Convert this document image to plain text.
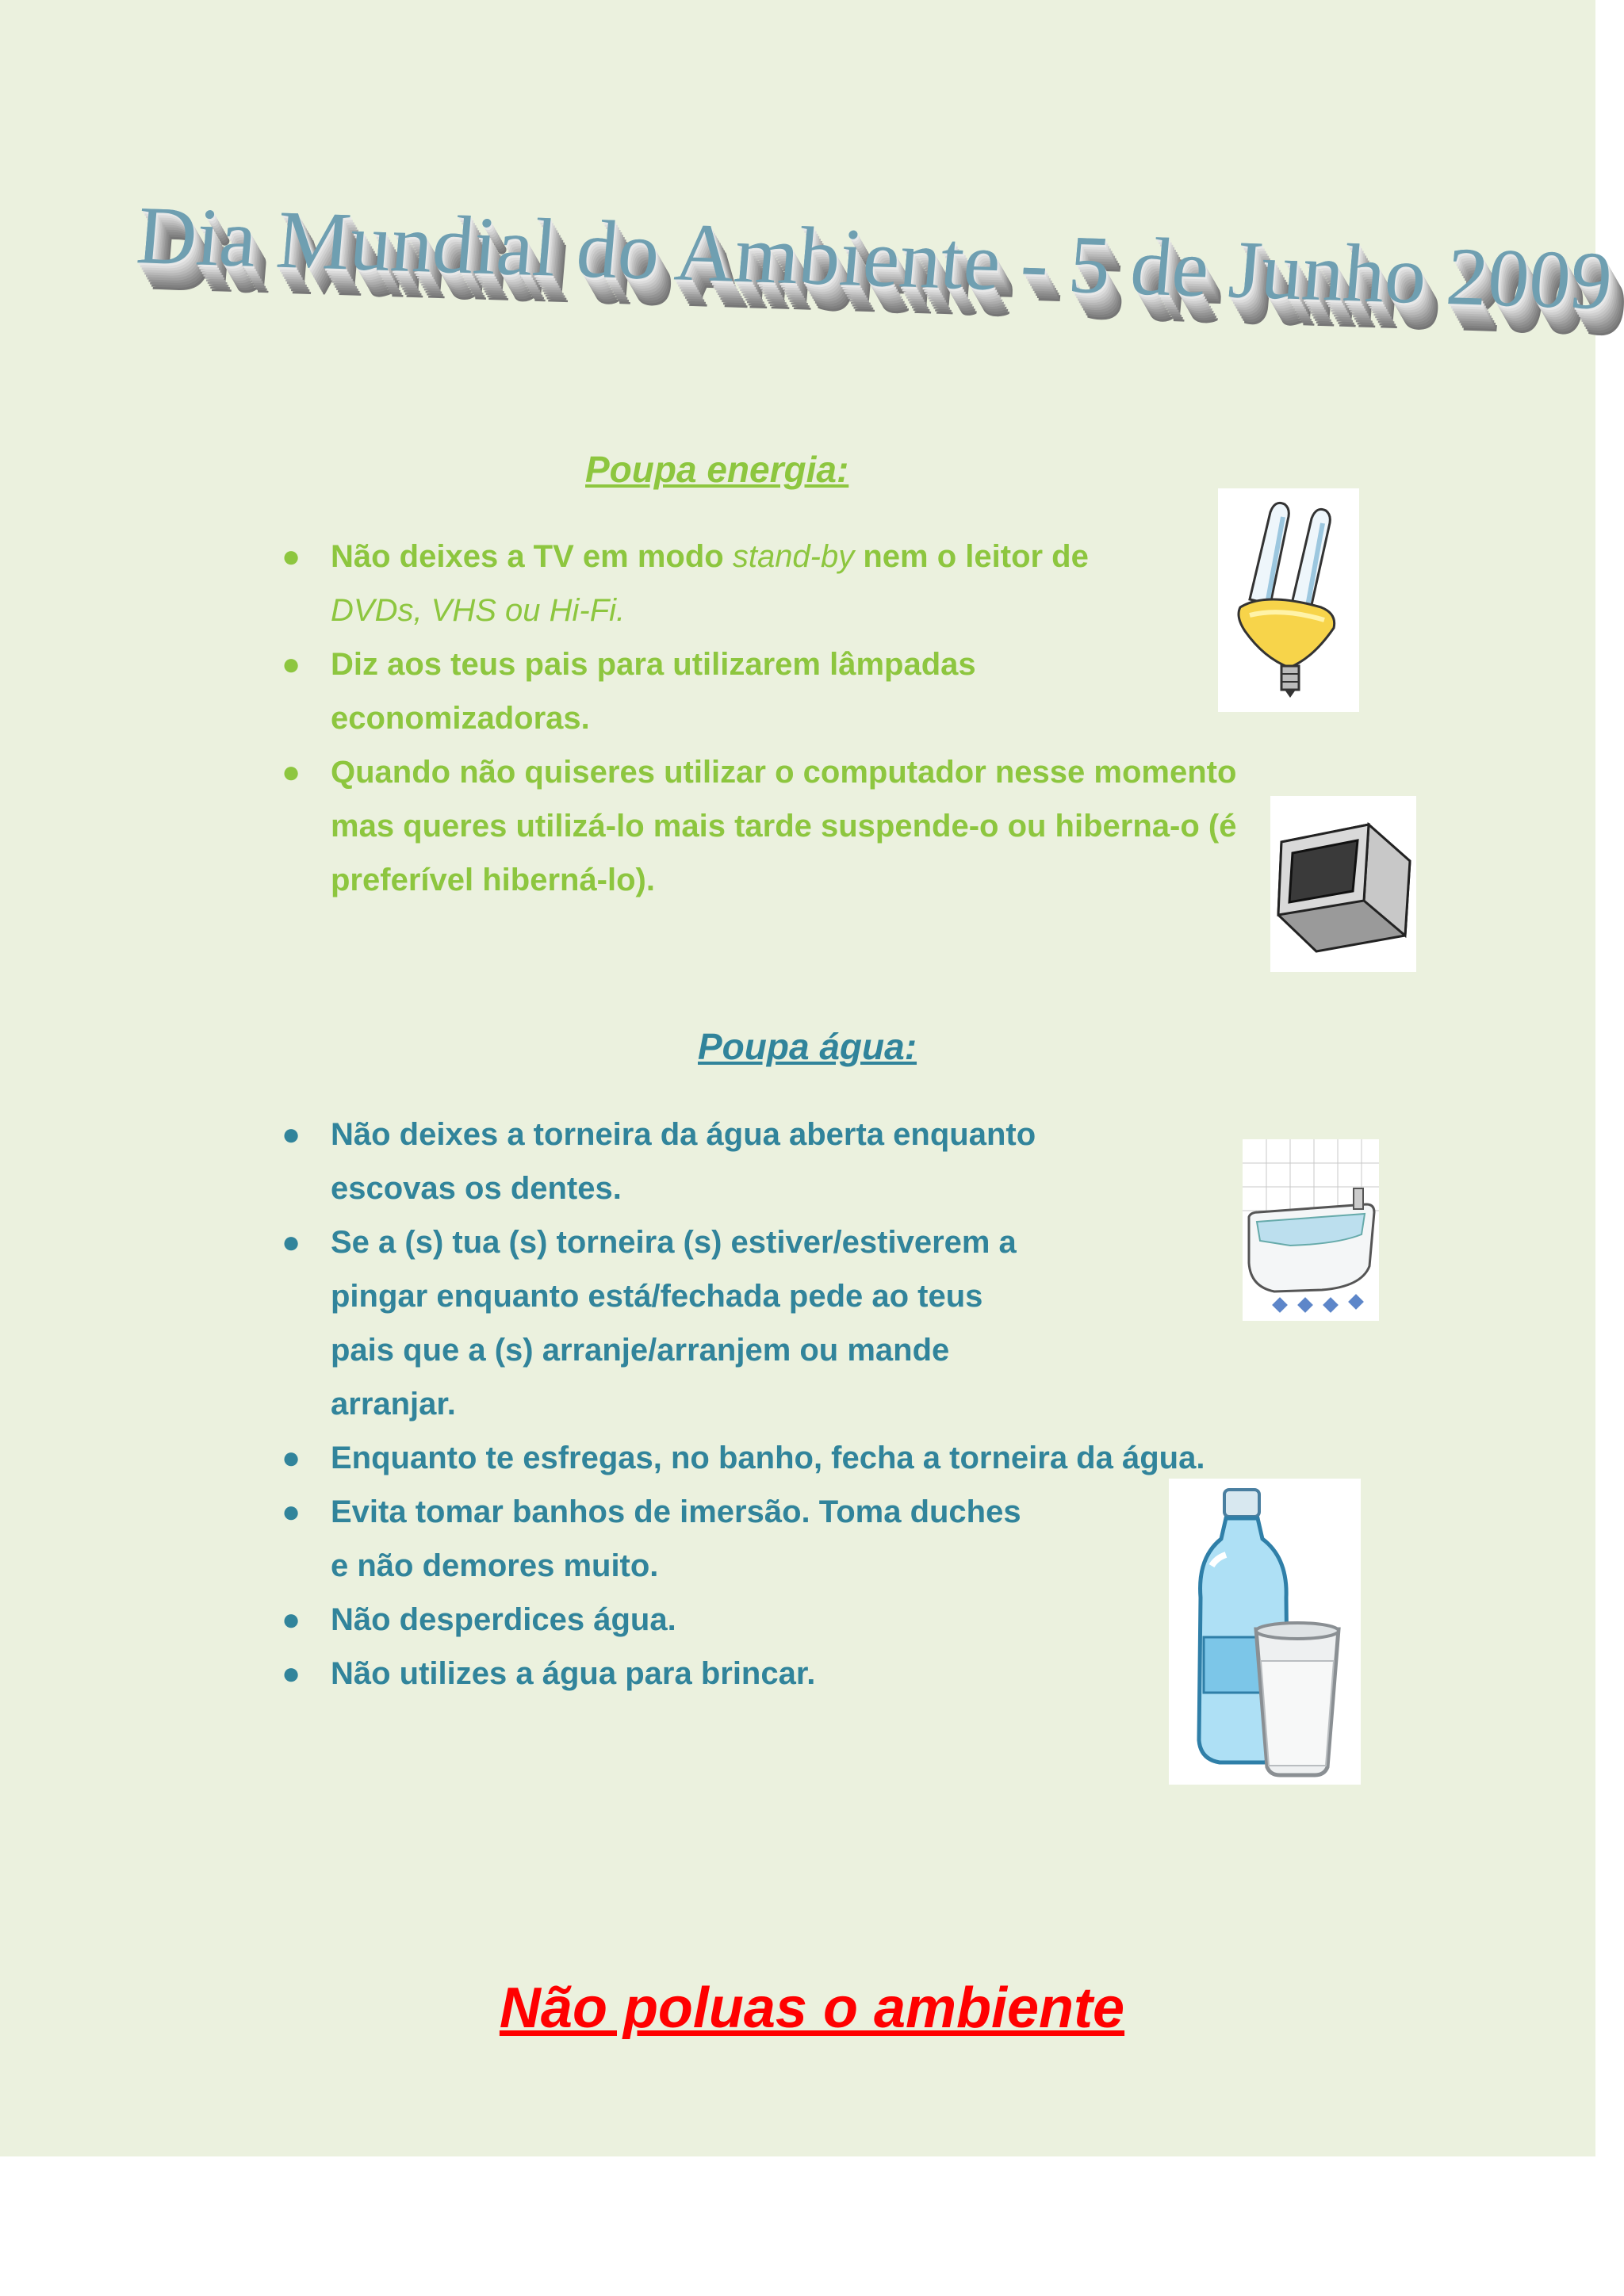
Dia Mundial do Ambiente - 5 de Junho 2009
Poupa energia:
● Não deixes a TV em modo stand-by nem o leitor de
DVDs, VHS ou Hi-Fi.
● Diz aos teus pais para utilizarem lâmpadas economizadoras.
● Quando não quiseres utilizar o computador nesse momento mas queres utilizá-lo mais tarde suspende-o ou hiberna-o (é preferível hiberná-lo).
Poupa água:
● Não deixes a torneira da água aberta enquanto escovas os dentes.
● Se a (s) tua (s) torneira (s) estiver/estiverem a pingar enquanto está/fechada pede ao teus pais que a (s) arranje/arranjem ou mande arranjar.
● Enquanto te esfregas, no banho, fecha a torneira da água.
● Evita tomar banhos de imersão. Toma duches e não demores muito.
● Não desperdices água.
● Não utilizes a água para brincar.
Não poluas o ambiente
